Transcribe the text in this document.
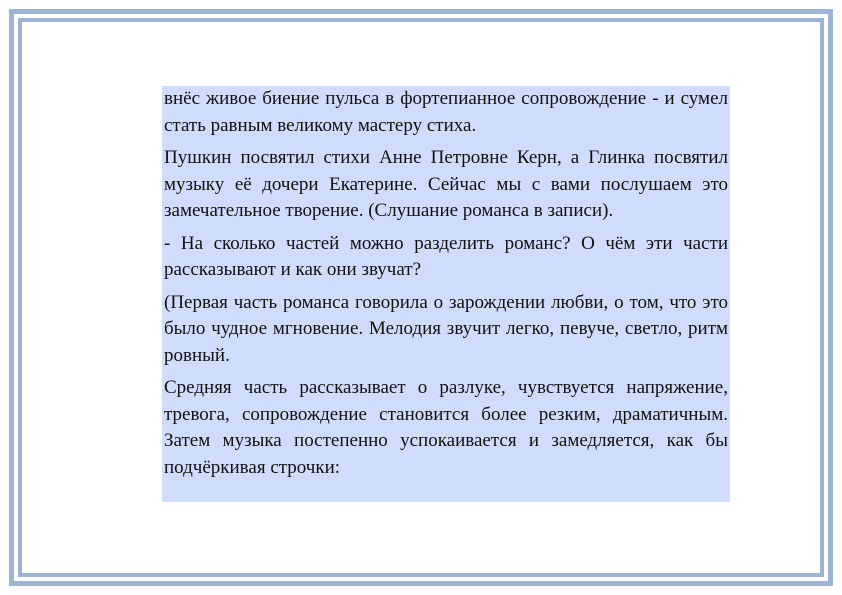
внёс живое биение пульса в фортепианное сопровождение - и сумел стать равным великому мастеру стиха.

Пушкин посвятил стихи Анне Петровне Керн, а Глинка посвятил музыку её дочери Екатерине. Сейчас мы с вами послушаем это замечательное творение. (Слушание романса в записи).

- На сколько частей можно разделить романс? О чём эти части рассказывают и как они звучат?

(Первая часть романса говорила о зарождении любви, о том, что это было чудное мгновение. Мелодия звучит легко, певуче, светло, ритм ровный.

Средняя часть рассказывает о разлуке, чувствуется напряжение, тревога, сопровождение становится более резким, драматичным. Затем музыка постепенно успокаивается и замедляется, как бы подчёркивая строчки:
